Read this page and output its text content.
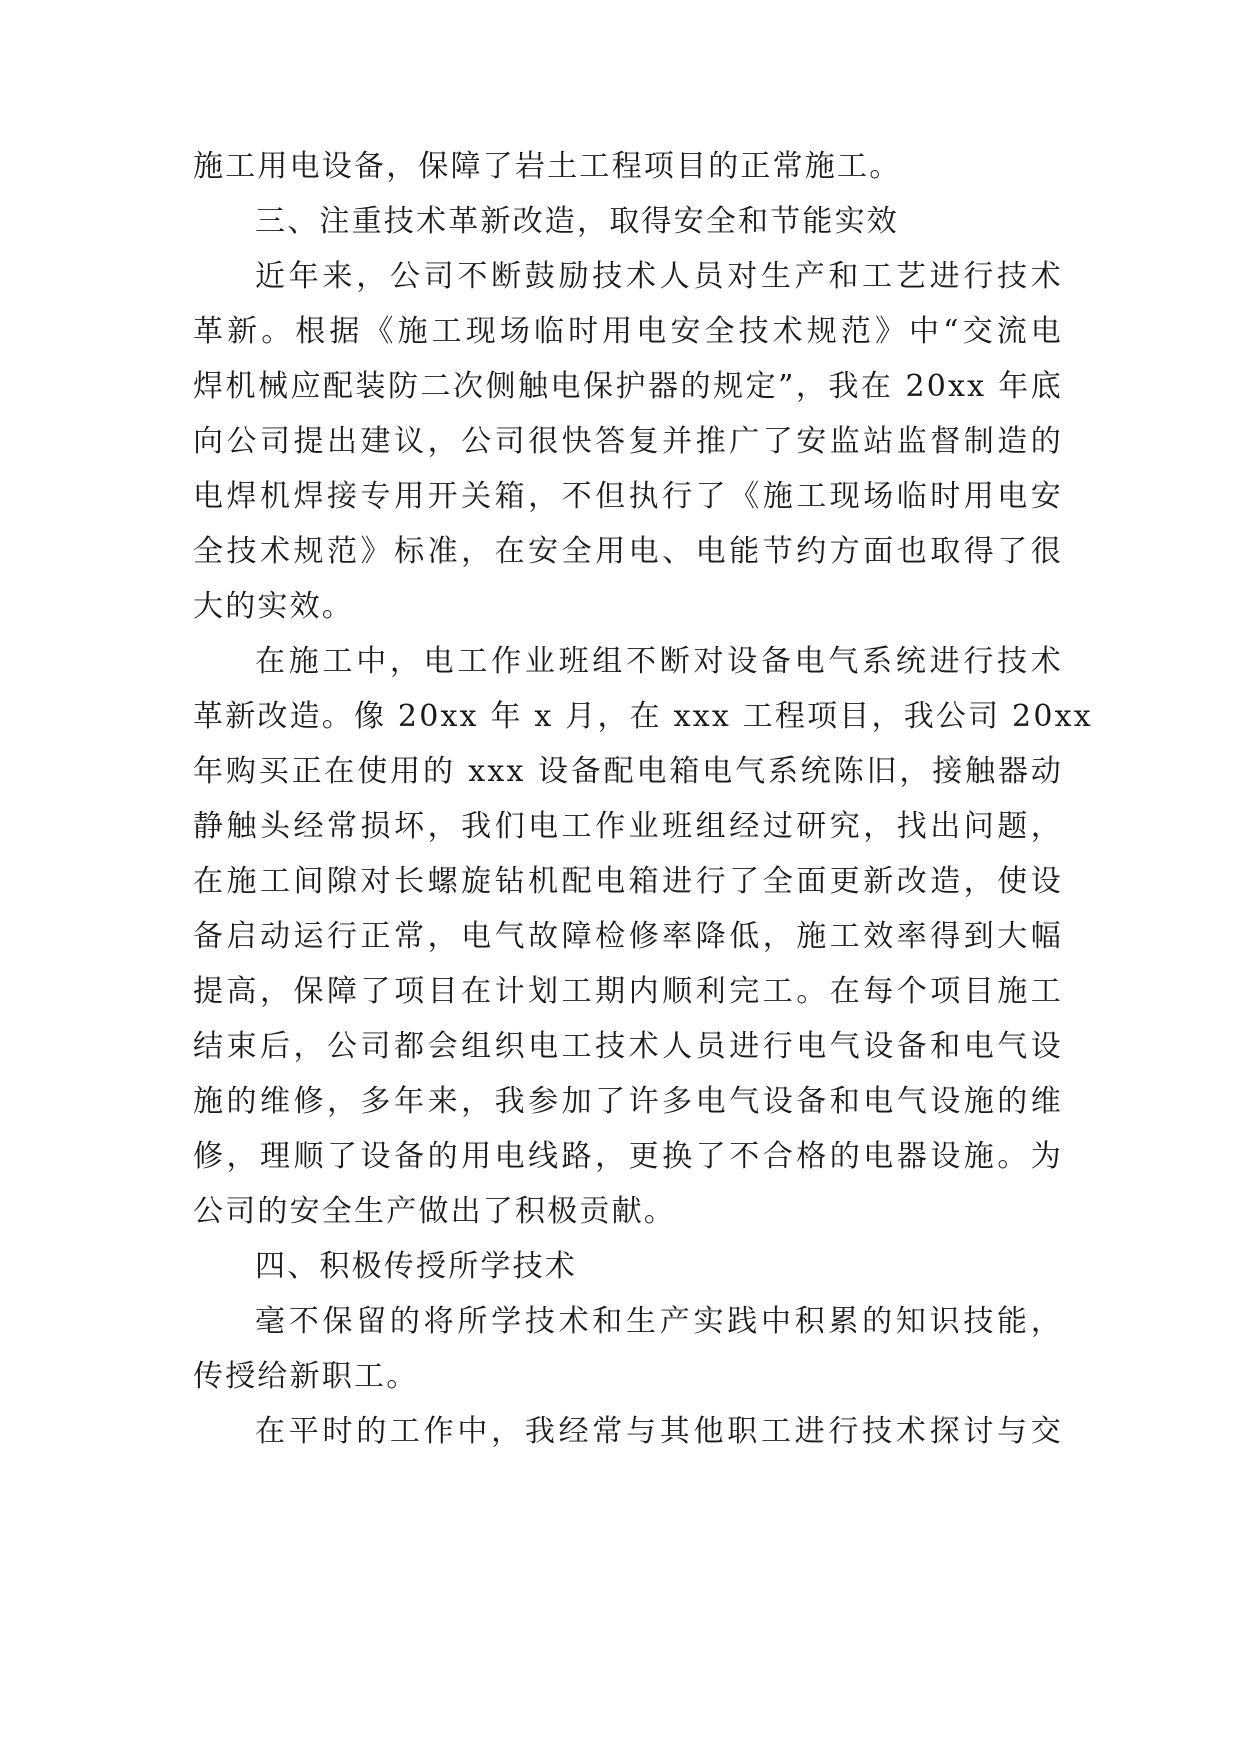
施工用电设备，保障了岩土工程项目的正常施工。
三、注重技术革新改造，取得安全和节能实效
近年来，公司不断鼓励技术人员对生产和工艺进行技术
革新。根据《施工现场临时用电安全技术规范》中“交流电
焊机械应配装防二次侧触电保护器的规定”，我在 20xx 年底
向公司提出建议，公司很快答复并推广了安监站监督制造的
电焊机焊接专用开关箱，不但执行了《施工现场临时用电安
全技术规范》标准，在安全用电、电能节约方面也取得了很
大的实效。
在施工中，电工作业班组不断对设备电气系统进行技术
革新改造。像 20xx 年 x 月，在 xxx 工程项目，我公司 20xx
年购买正在使用的 xxx 设备配电箱电气系统陈旧，接触器动
静触头经常损坏，我们电工作业班组经过研究，找出问题，
在施工间隙对长螺旋钻机配电箱进行了全面更新改造，使设
备启动运行正常，电气故障检修率降低，施工效率得到大幅
提高，保障了项目在计划工期内顺利完工。在每个项目施工
结束后，公司都会组织电工技术人员进行电气设备和电气设
施的维修，多年来，我参加了许多电气设备和电气设施的维
修，理顺了设备的用电线路，更换了不合格的电器设施。为
公司的安全生产做出了积极贡献。
四、积极传授所学技术
毫不保留的将所学技术和生产实践中积累的知识技能，
传授给新职工。
在平时的工作中，我经常与其他职工进行技术探讨与交
